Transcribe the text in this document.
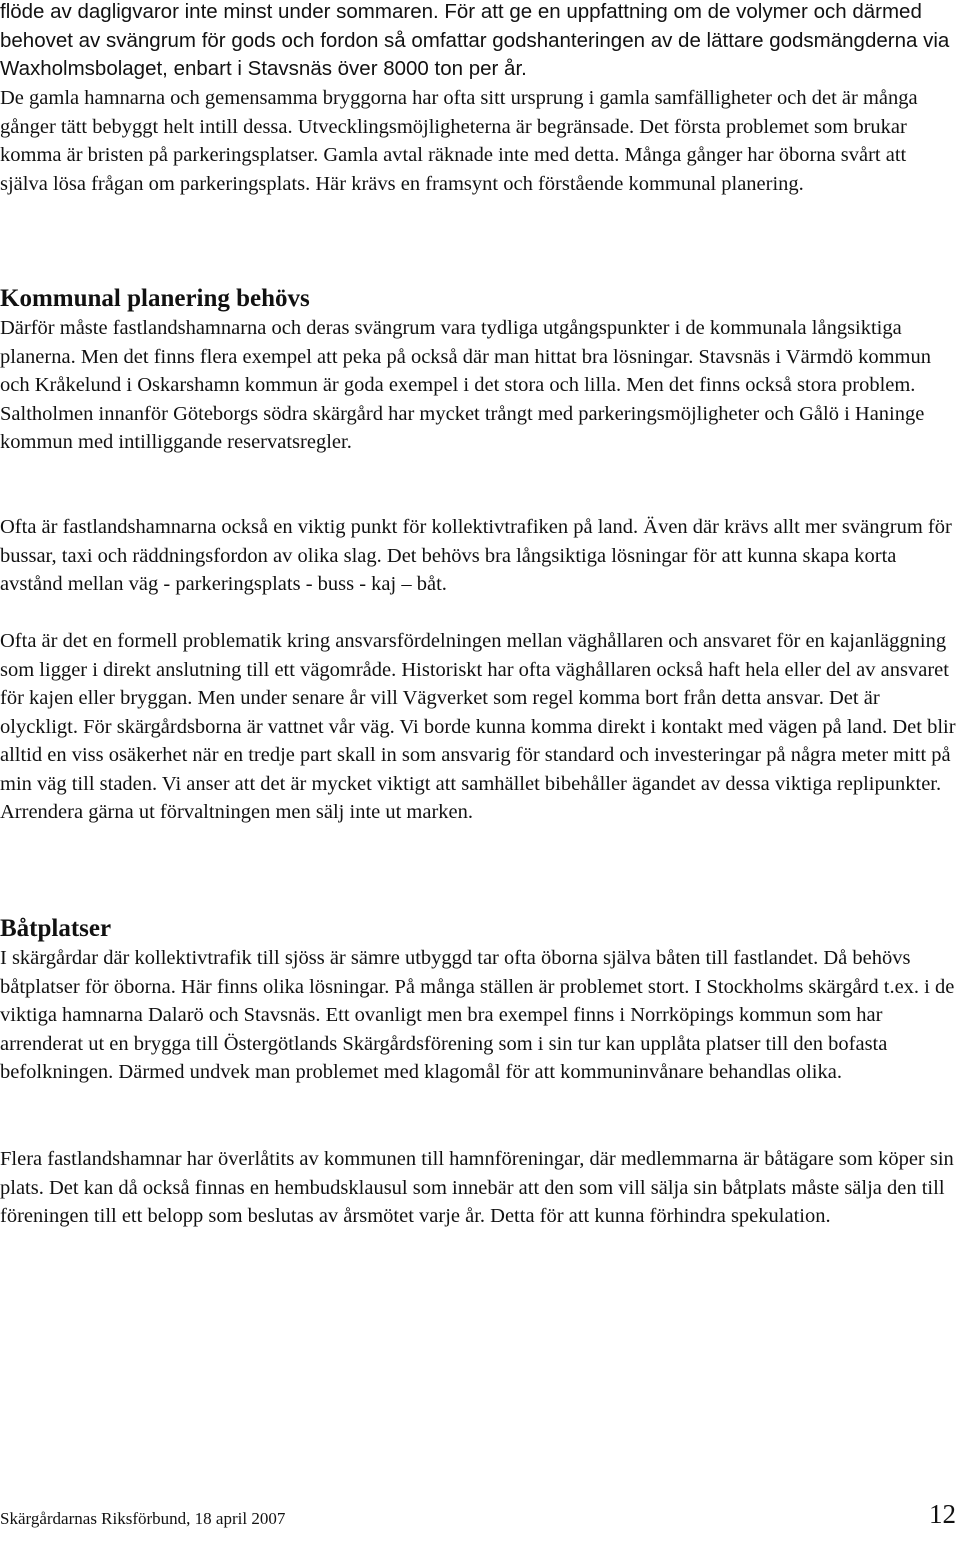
flöde av dagligvaror inte minst under sommaren. För att ge en uppfattning om de volymer och därmed behovet av svängrum för gods och fordon så omfattar godshanteringen av de lättare godsmängderna via Waxholmsbolaget, enbart i Stavsnäs över 8000 ton per år.

De gamla hamnarna och gemensamma bryggorna har ofta sitt ursprung i gamla samfälligheter och det är många gånger tätt bebyggt helt intill dessa. Utvecklingsmöjligheterna är begränsade. Det första problemet som brukar komma är bristen på parkeringsplatser. Gamla avtal räknade inte med detta. Många gånger har öborna svårt att själva lösa frågan om parkeringsplats. Här krävs en framsynt och förstående kommunal planering.

Kommunal planering behövs

Därför måste fastlandshamnarna och deras svängrum vara tydliga utgångspunkter i de kommunala långsiktiga planerna. Men det finns flera exempel att peka på också där man hittat bra lösningar. Stavsnäs i Värmdö kommun och Kråkelund i Oskarshamn kommun är goda exempel i det stora och lilla. Men det finns också stora problem. Saltholmen innanför Göteborgs södra skärgård har mycket trångt med parkeringsmöjligheter och Gålö i Haninge kommun med intilliggande reservatsregler.

Ofta är fastlandshamnarna också en viktig punkt för kollektivtrafiken på land. Även där krävs allt mer svängrum för bussar, taxi och räddningsfordon av olika slag. Det behövs bra långsiktiga lösningar för att kunna skapa korta avstånd mellan väg - parkeringsplats - buss - kaj – båt.

Ofta är det en formell problematik kring ansvarsfördelningen mellan väghållaren och ansvaret för en kajanläggning som ligger i direkt anslutning till ett vägområde. Historiskt har ofta väghållaren också haft hela eller del av ansvaret för kajen eller bryggan. Men under senare år vill Vägverket som regel komma bort från detta ansvar. Det är olyckligt. För skärgårdsborna är vattnet vår väg. Vi borde kunna komma direkt i kontakt med vägen på land. Det blir alltid en viss osäkerhet när en tredje part skall in som ansvarig för standard och investeringar på några meter mitt på min väg till staden. Vi anser att det är mycket viktigt att samhället bibehåller ägandet av dessa viktiga replipunkter. Arrendera gärna ut förvaltningen men sälj inte ut marken.

Båtplatser

I skärgårdar där kollektivtrafik till sjöss är sämre utbyggd tar ofta öborna själva båten till fastlandet. Då behövs båtplatser för öborna. Här finns olika lösningar. På många ställen är problemet stort. I Stockholms skärgård t.ex. i de viktiga hamnarna Dalarö och Stavsnäs. Ett ovanligt men bra exempel finns i Norrköpings kommun som har arrenderat ut en brygga till Östergötlands Skärgårdsförening som i sin tur kan upplåta platser till den bofasta befolkningen. Därmed undvek man problemet med klagomål för att kommuninvånare behandlas olika.

Flera fastlandshamnar har överlåtits av kommunen till hamnföreningar, där medlemmarna är båtägare som köper sin plats. Det kan då också finnas en hembudsklausul som innebär att den som vill sälja sin båtplats måste sälja den till föreningen till ett belopp som beslutas av årsmötet varje år. Detta för att kunna förhindra spekulation.

Skärgårdarnas Riksförbund, 18 april 2007	12
